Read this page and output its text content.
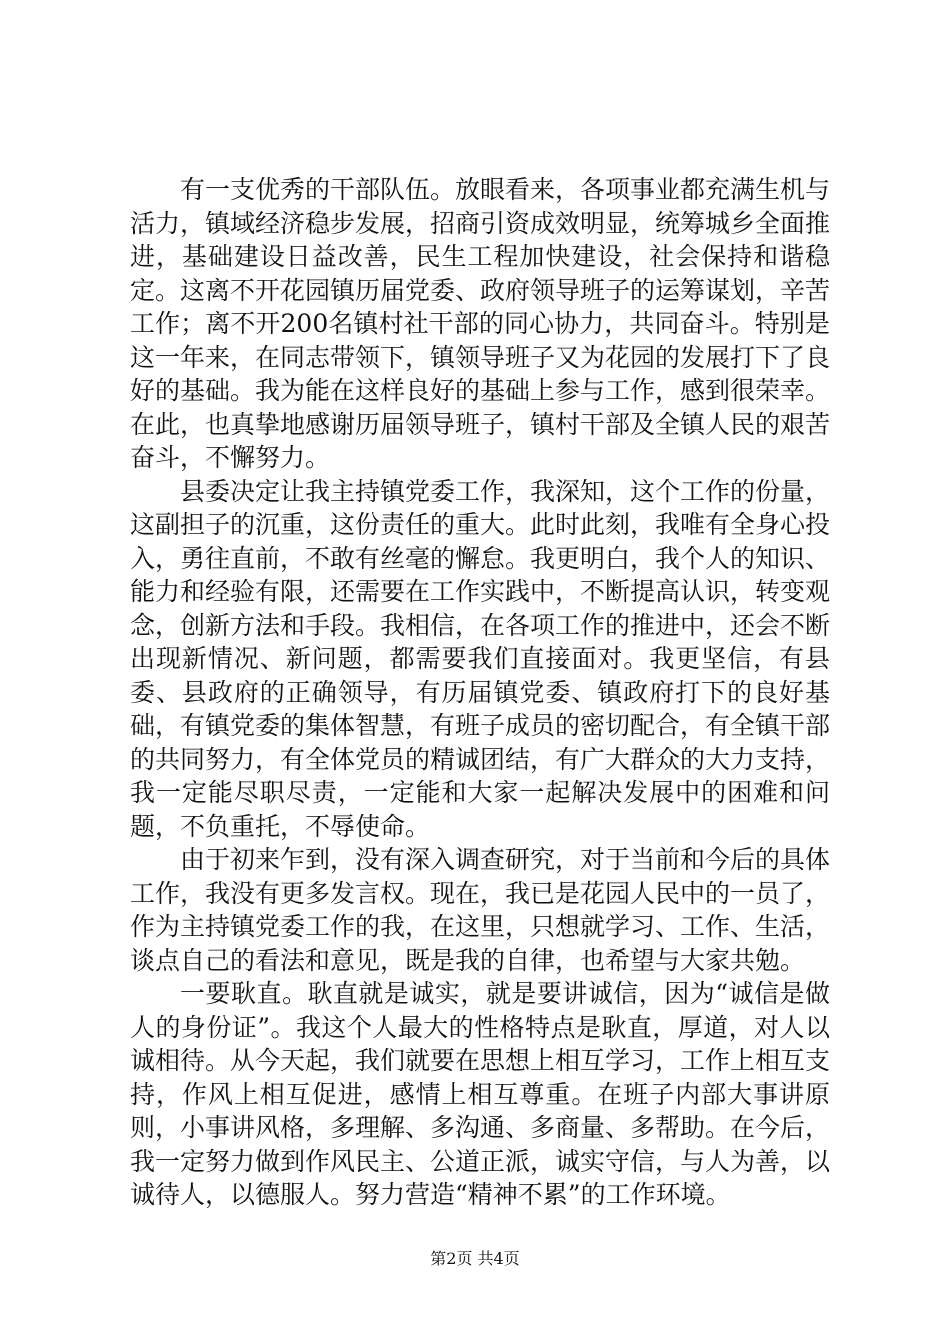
有一支优秀的干部队伍。放眼看来，各项事业都充满生机与活力，镇域经济稳步发展，招商引资成效明显，统筹城乡全面推进，基础建设日益改善，民生工程加快建设，社会保持和谐稳定。这离不开花园镇历届党委、政府领导班子的运筹谋划，辛苦工作；离不开200名镇村社干部的同心协力，共同奋斗。特别是这一年来，在同志带领下，镇领导班子又为花园的发展打下了良好的基础。我为能在这样良好的基础上参与工作，感到很荣幸。在此，也真挚地感谢历届领导班子，镇村干部及全镇人民的艰苦奋斗，不懈努力。

县委决定让我主持镇党委工作，我深知，这个工作的份量，这副担子的沉重，这份责任的重大。此时此刻，我唯有全身心投入，勇往直前，不敢有丝毫的懈怠。我更明白，我个人的知识、能力和经验有限，还需要在工作实践中，不断提高认识，转变观念，创新方法和手段。我相信，在各项工作的推进中，还会不断出现新情况、新问题，都需要我们直接面对。我更坚信，有县委、县政府的正确领导，有历届镇党委、镇政府打下的良好基础，有镇党委的集体智慧，有班子成员的密切配合，有全镇干部的共同努力，有全体党员的精诚团结，有广大群众的大力支持，我一定能尽职尽责，一定能和大家一起解决发展中的困难和问题，不负重托，不辱使命。

由于初来乍到，没有深入调查研究，对于当前和今后的具体工作，我没有更多发言权。现在，我已是花园人民中的一员了，作为主持镇党委工作的我，在这里，只想就学习、工作、生活，谈点自己的看法和意见，既是我的自律，也希望与大家共勉。

一要耿直。耿直就是诚实，就是要讲诚信，因为“诚信是做人的身份证”。我这个人最大的性格特点是耿直，厚道，对人以诚相待。从今天起，我们就要在思想上相互学习，工作上相互支持，作风上相互促进，感情上相互尊重。在班子内部大事讲原则，小事讲风格，多理解、多沟通、多商量、多帮助。在今后，我一定努力做到作风民主、公道正派，诚实守信，与人为善，以诚待人，以德服人。努力营造“精神不累”的工作环境。

第2页 共4页
